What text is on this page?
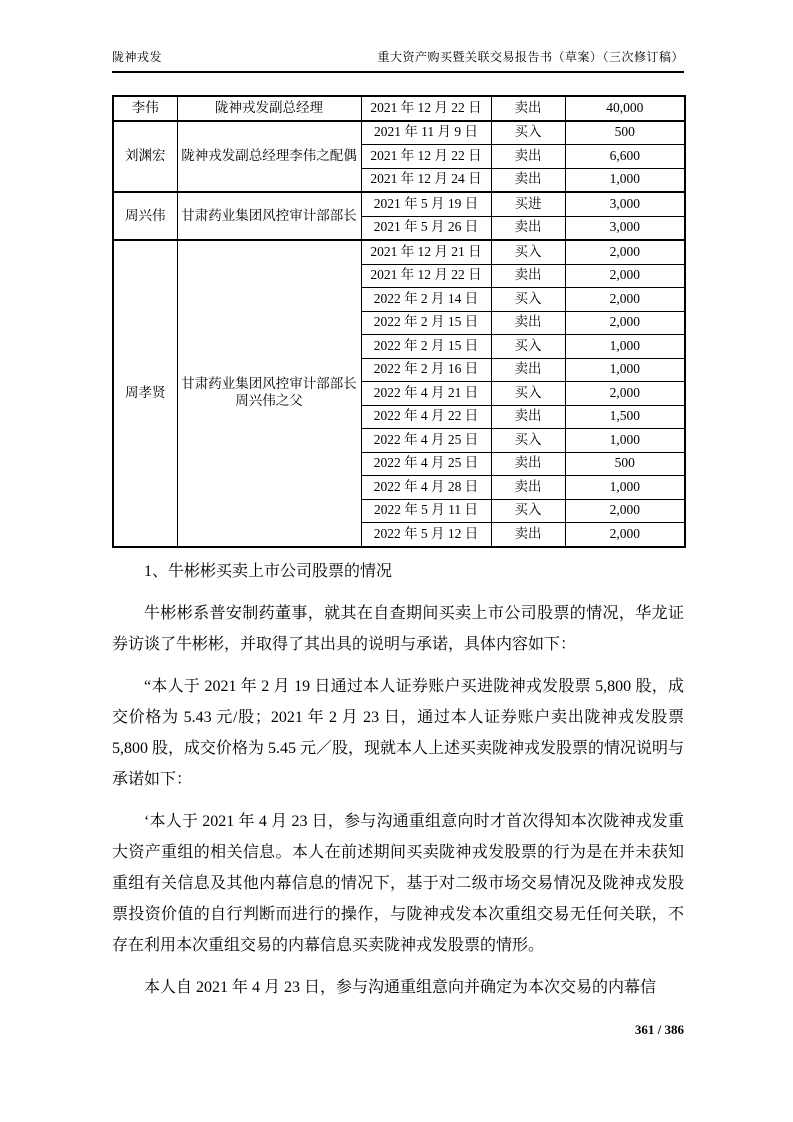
陇神戎发	重大资产购买暨关联交易报告书（草案）（三次修订稿）
李伟	陇神戎发副总经理	2021 年 12 月 22 日	卖出	40,000
刘渊宏	陇神戎发副总经理李伟之配偶	2021 年 11 月 9 日	买入	500
		2021 年 12 月 22 日	卖出	6,600
		2021 年 12 月 24 日	卖出	1,000
周兴伟	甘肃药业集团风控审计部部长	2021 年 5 月 19 日	买进	3,000
		2021 年 5 月 26 日	卖出	3,000
周孝贤	甘肃药业集团风控审计部部长周兴伟之父	2021 年 12 月 21 日	买入	2,000
		2021 年 12 月 22 日	卖出	2,000
		2022 年 2 月 14 日	买入	2,000
		2022 年 2 月 15 日	卖出	2,000
		2022 年 2 月 15 日	买入	1,000
		2022 年 2 月 16 日	卖出	1,000
		2022 年 4 月 21 日	买入	2,000
		2022 年 4 月 22 日	卖出	1,500
		2022 年 4 月 25 日	买入	1,000
		2022 年 4 月 25 日	卖出	500
		2022 年 4 月 28 日	卖出	1,000
		2022 年 5 月 11 日	买入	2,000
		2022 年 5 月 12 日	卖出	2,000

1、牛彬彬买卖上市公司股票的情况

牛彬彬系普安制药董事，就其在自查期间买卖上市公司股票的情况，华龙证券访谈了牛彬彬，并取得了其出具的说明与承诺，具体内容如下：

“本人于 2021 年 2 月 19 日通过本人证券账户买进陇神戎发股票 5,800 股，成交价格为 5.43 元/股；2021 年 2 月 23 日，通过本人证券账户卖出陇神戎发股票 5,800 股，成交价格为 5.45 元／股，现就本人上述买卖陇神戎发股票的情况说明与承诺如下：

‘本人于 2021 年 4 月 23 日，参与沟通重组意向时才首次得知本次陇神戎发重大资产重组的相关信息。本人在前述期间买卖陇神戎发股票的行为是在并未获知重组有关信息及其他内幕信息的情况下，基于对二级市场交易情况及陇神戎发股票投资价值的自行判断而进行的操作，与陇神戎发本次重组交易无任何关联，不存在利用本次重组交易的内幕信息买卖陇神戎发股票的情形。

本人自 2021 年 4 月 23 日，参与沟通重组意向并确定为本次交易的内幕信

361 / 386
